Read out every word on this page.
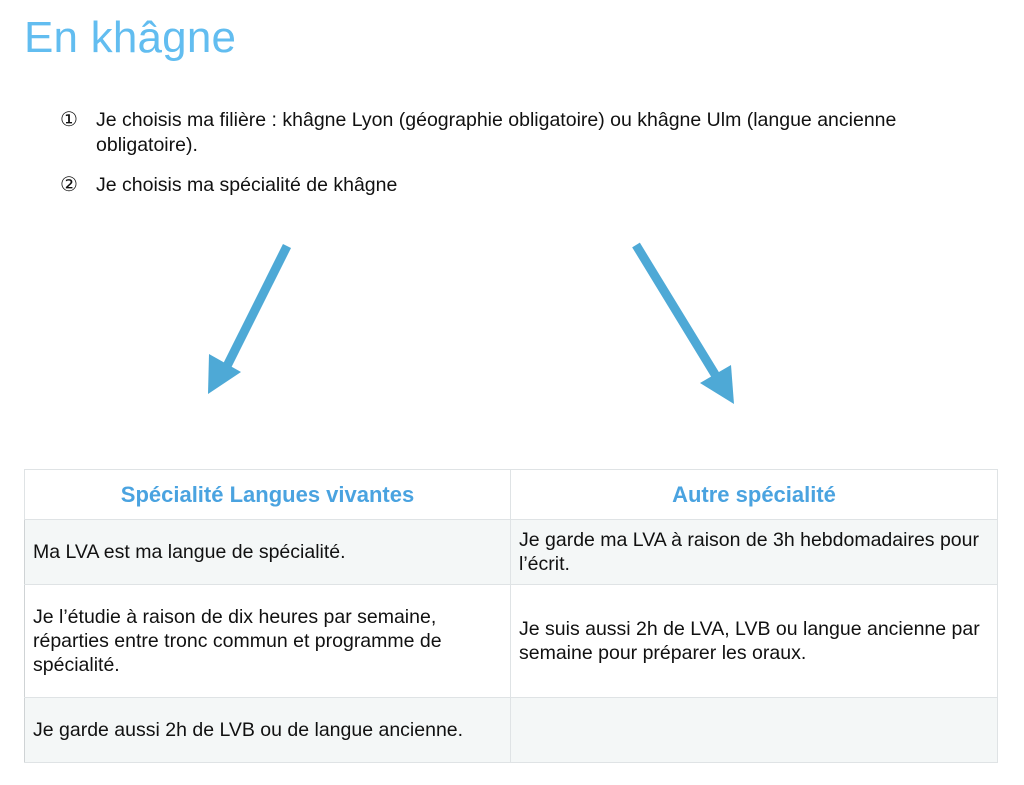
En khâgne
① Je choisis ma filière : khâgne Lyon (géographie obligatoire) ou khâgne Ulm (langue ancienne obligatoire).
② Je choisis ma spécialité de khâgne
Spécialité Langues vivantes	Autre spécialité
Ma LVA est ma langue de spécialité.	Je garde ma LVA à raison de 3h hebdomadaires pour l’écrit.
Je l’étudie à raison de dix heures par semaine, réparties entre tronc commun et programme de spécialité.	Je suis aussi 2h de LVA, LVB ou langue ancienne par semaine pour préparer les oraux.
Je garde aussi 2h de LVB ou de langue ancienne.	
